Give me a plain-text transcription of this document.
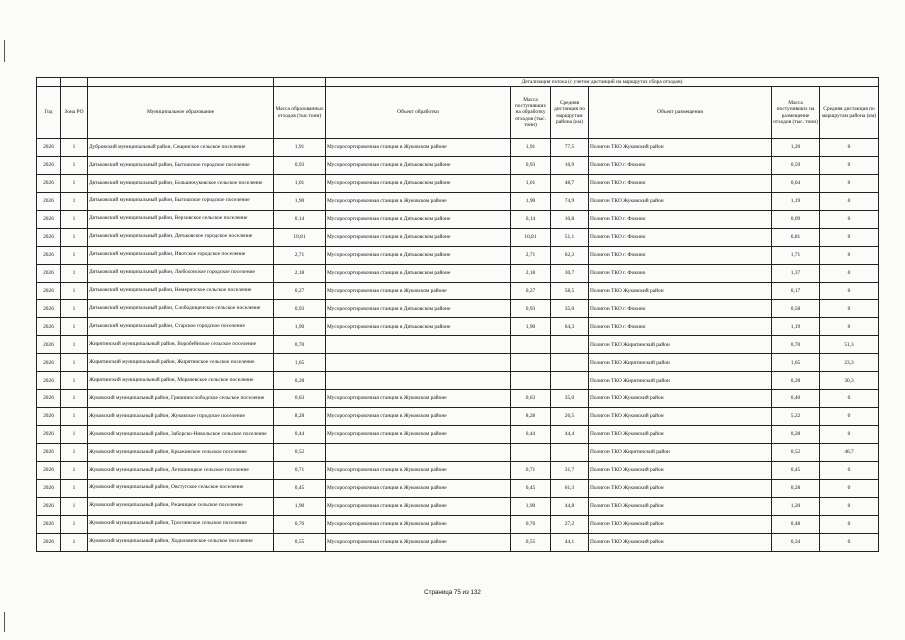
				Детализация потока (с учетом дистанций на маршрутах сбора отходов)					
Год	Зона РО	Муниципальное образование	Масса образованных отходов (тыс.тонн)	Объект обработки	Масса поступивших на обработку отходов (тыс. тонн)	Средняя дистанция по маршрутам района (км)	Объект размещения	Масса поступивших на размещение отходов (тыс. тонн)	Средняя дистанция по маршрутам района (км)
2026	1	Дубровский муниципальный район, Сещинское сельское поселение	1,91	Мусоросортировочная станция в Жуковском районе	1,91	77,5	Полигон ТКО Жуковский район	1,20	0
2026	1	Дятьковский муниципальный район, Бытошское городское поселение	0,93	Мусоросортировочная станция в Дятьковском районе	0,93	16,9	Полигон ТКО г. Фокино	0,59	0
2026	1	Дятьковский муниципальный район, Большежуковское сельское поселение	1,01	Мусоросортировочная станция в Дятьковском районе	1,01	48,7	Полигон ТКО г. Фокино	0,64	0
2026	1	Дятьковский муниципальный район, Бытошское городское поселение	1,90	Мусоросортировочная станция в Жуковском районе	1,90	74,9	Полигон ТКО Жуковский район	1,19	0
2026	1	Дятьковский муниципальный район, Верховское сельское поселение	0,14	Мусоросортировочная станция в Дятьковском районе	0,14	10,8	Полигон ТКО г. Фокино	0,09	0
2026	1	Дятьковский муниципальный район, Дятьковское городское поселение	10,81	Мусоросортировочная станция в Дятьковском районе	10,81	51,1	Полигон ТКО г. Фокино	6,81	0
2026	1	Дятьковский муниципальный район, Ивотское городское поселение	2,71	Мусоросортировочная станция в Дятьковском районе	2,71	62,3	Полигон ТКО г. Фокино	1,71	0
2026	1	Дятьковский муниципальный район, Любохонское городское поселение	2,18	Мусоросортировочная станция в Дятьковском районе	2,18	30,7	Полигон ТКО г. Фокино	1,37	0
2026	1	Дятьковский муниципальный район, Немеричское сельское поселение	0,27	Мусоросортировочная станция в Жуковском районе	0,27	58,5	Полигон ТКО Жуковский район	0,17	0
2026	1	Дятьковский муниципальный район, Слободищенское сельское поселение	0,93	Мусоросортировочная станция в Дятьковском районе	0,93	35,0	Полигон ТКО г. Фокино	0,58	0
2026	1	Дятьковский муниципальный район, Старское городское поселение	1,90	Мусоросортировочная станция в Дятьковском районе	1,90	64,3	Полигон ТКО г. Фокино	1,19	0
2026	1	Жирятинский муниципальный район, Воробейнское сельское поселение	0,70				Полигон ТКО Жирятинский район	0,70	51,3
2026	1	Жирятинский муниципальный район, Жирятинское сельское поселение	1,65				Полигон ТКО Жирятинский район	1,65	23,3
2026	1	Жирятинский муниципальный район, Морачевское сельское поселение	0,28				Полигон ТКО Жирятинский район	0,28	30,3
2026	1	Жуковский муниципальный район, Гришинослободское сельское поселение	0,63	Мусоросортировочная станция в Жуковском районе	0,63	35,0	Полигон ТКО Жуковский район	0,40	0
2026	1	Жуковский муниципальный район, Жуковское городское поселение	8,28	Мусоросортировочная станция в Жуковском районе	8,28	26,5	Полигон ТКО Жуковский район	5,22	0
2026	1	Жуковский муниципальный район, Заборско-Никольское сельское поселение	0,44	Мусоросортировочная станция в Жуковском районе	0,44	44,4	Полигон ТКО Жуковский район	0,28	0
2026	1	Жуковский муниципальный район, Крыжинское сельское поселение	0,52				Полигон ТКО Жирятинский район	0,52	46,7
2026	1	Жуковский муниципальный район, Летошницкое сельское поселение	0,71	Мусоросортировочная станция в Жуковском районе	0,71	31,7	Полигон ТКО Жуковский район	0,45	0
2026	1	Жуковский муниципальный район, Овстугское сельское поселение	0,45	Мусоросортировочная станция в Жуковском районе	0,45	61,3	Полигон ТКО Жуковский район	0,28	0
2026	1	Жуковский муниципальный район, Ржаницкое сельское поселение	1,90	Мусоросортировочная станция в Жуковском районе	1,90	44,8	Полигон ТКО Жуковский район	1,20	0
2026	1	Жуковский муниципальный район, Тросчинское сельское поселение	0,76	Мусоросортировочная станция в Жуковском районе	0,76	27,2	Полигон ТКО Жуковский район	0,48	0
2026	1	Жуковский муниципальный район, Ходиловичское сельское поселение	0,55	Мусоросортировочная станция в Жуковском районе	0,55	44,1	Полигон ТКО Жуковский район	0,34	0
Страница 75 из 132
